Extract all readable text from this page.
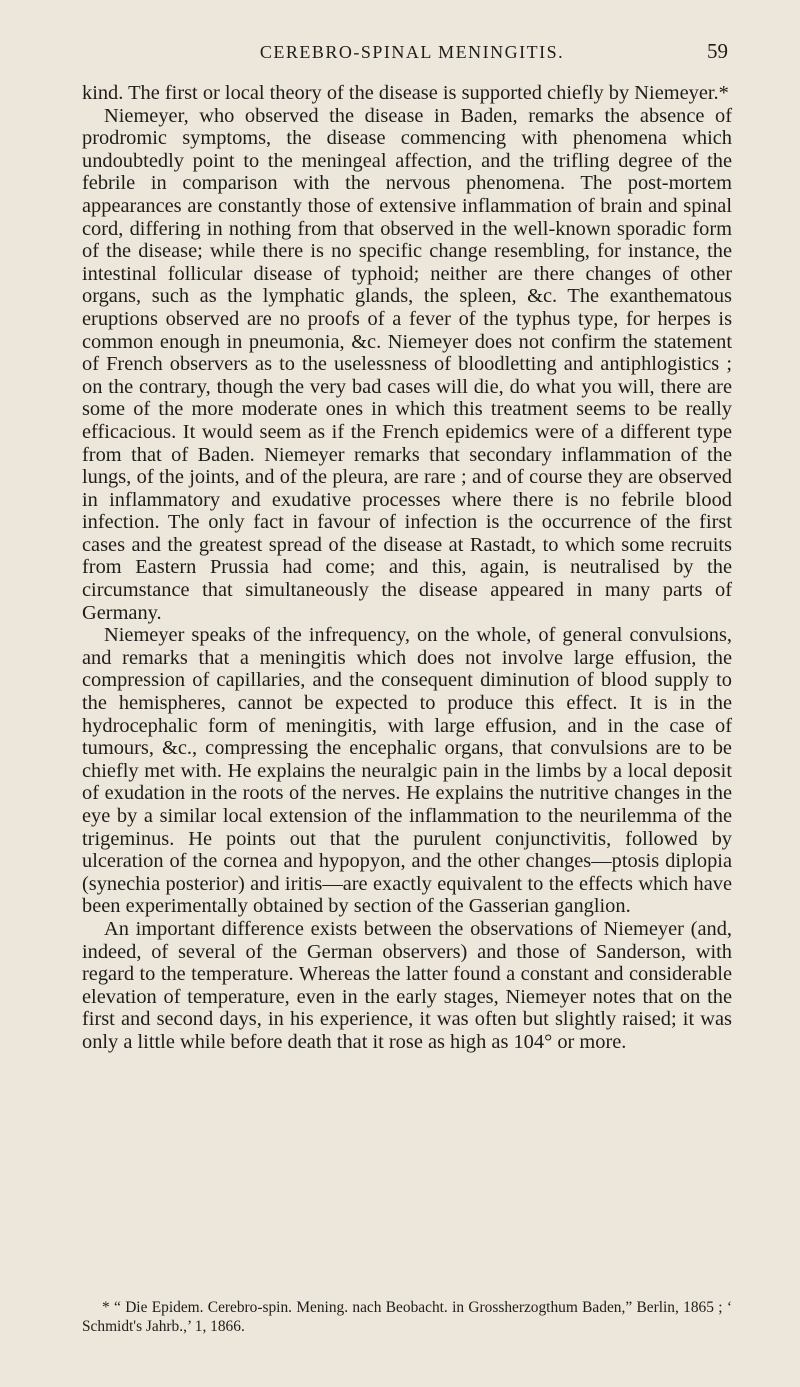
CEREBRO-SPINAL MENINGITIS.	59

kind. The first or local theory of the disease is supported chiefly by Niemeyer.*

Niemeyer, who observed the disease in Baden, remarks the absence of prodromic symptoms, the disease commencing with phenomena which undoubtedly point to the meningeal affection, and the trifling degree of the febrile in comparison with the nervous phenomena. The post-mortem appearances are constantly those of extensive inflammation of brain and spinal cord, differing in nothing from that observed in the well-known sporadic form of the disease; while there is no specific change resembling, for instance, the intestinal follicular disease of typhoid; neither are there changes of other organs, such as the lymphatic glands, the spleen, &c. The exanthematous eruptions observed are no proofs of a fever of the typhus type, for herpes is common enough in pneumonia, &c. Niemeyer does not confirm the statement of French observers as to the uselessness of bloodletting and antiphlogistics ; on the contrary, though the very bad cases will die, do what you will, there are some of the more moderate ones in which this treatment seems to be really efficacious. It would seem as if the French epidemics were of a different type from that of Baden. Niemeyer remarks that secondary inflammation of the lungs, of the joints, and of the pleura, are rare ; and of course they are observed in inflammatory and exudative processes where there is no febrile blood infection. The only fact in favour of infection is the occurrence of the first cases and the greatest spread of the disease at Rastadt, to which some recruits from Eastern Prussia had come; and this, again, is neutralised by the circumstance that simultaneously the disease appeared in many parts of Germany.

Niemeyer speaks of the infrequency, on the whole, of general convulsions, and remarks that a meningitis which does not involve large effusion, the compression of capillaries, and the consequent diminution of blood supply to the hemispheres, cannot be expected to produce this effect. It is in the hydrocephalic form of meningitis, with large effusion, and in the case of tumours, &c., compressing the encephalic organs, that convulsions are to be chiefly met with. He explains the neuralgic pain in the limbs by a local deposit of exudation in the roots of the nerves. He explains the nutritive changes in the eye by a similar local extension of the inflammation to the neurilemma of the trigeminus. He points out that the purulent conjunctivitis, followed by ulceration of the cornea and hypopyon, and the other changes—ptosis diplopia (synechia posterior) and iritis—are exactly equivalent to the effects which have been experimentally obtained by section of the Gasserian ganglion.

An important difference exists between the observations of Niemeyer (and, indeed, of several of the German observers) and those of Sanderson, with regard to the temperature. Whereas the latter found a constant and considerable elevation of temperature, even in the early stages, Niemeyer notes that on the first and second days, in his experience, it was often but slightly raised; it was only a little while before death that it rose as high as 104° or more.

* “ Die Epidem. Cerebro-spin. Mening. nach Beobacht. in Grossherzogthum Baden,” Berlin, 1865 ; ‘ Schmidt's Jahrb.,’ 1, 1866.
